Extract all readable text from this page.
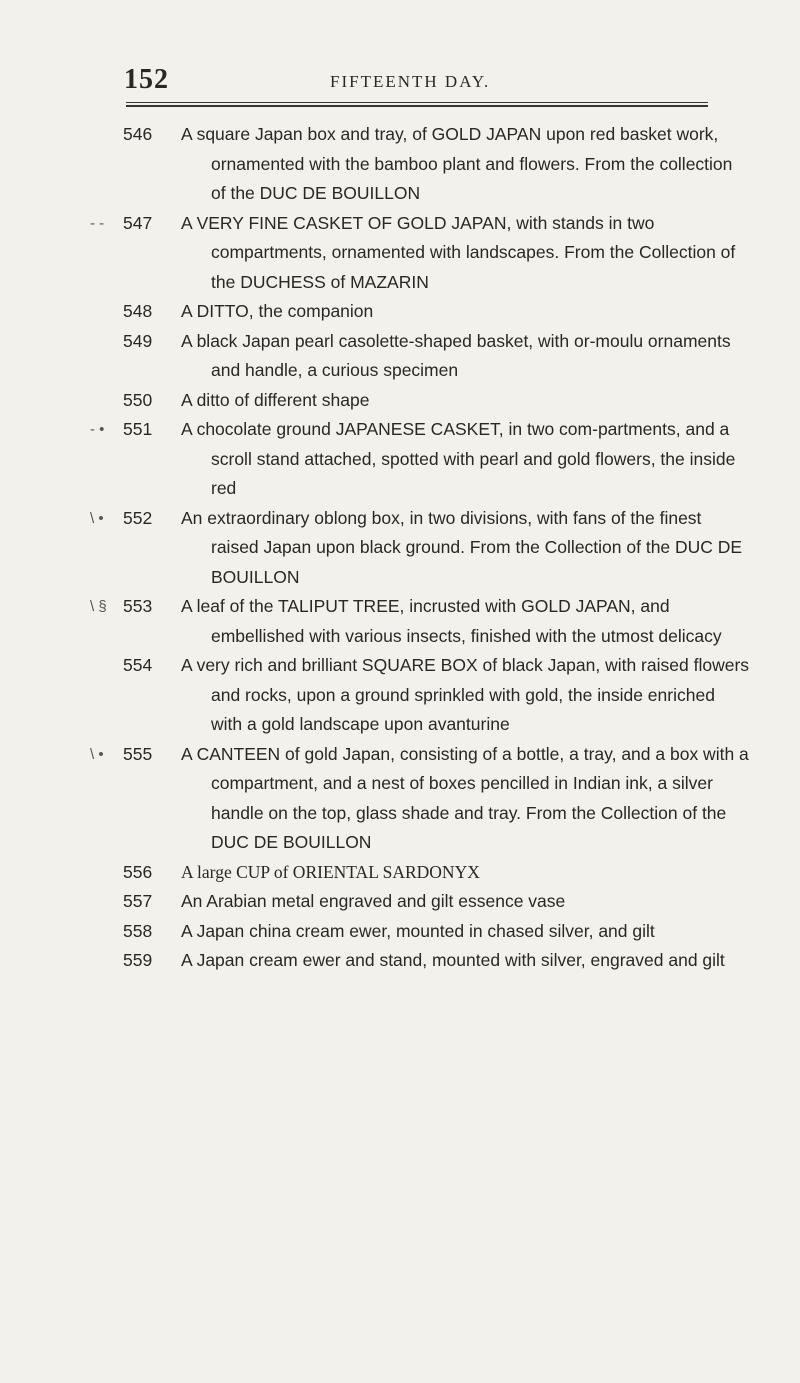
152	FIFTEENTH DAY.
546	A square Japan box and tray, of GOLD JAPAN upon red basket work, ornamented with the bamboo plant and flowers. From the collection of the DUC DE BOUILLON
- -	547	A VERY FINE CASKET OF GOLD JAPAN, with stands in two compartments, ornamented with landscapes. From the Collection of the DUCHESS of MAZARIN
548	A DITTO, the companion
549	A black Japan pearl casolette-shaped basket, with or-moulu ornaments and handle, a curious specimen
550	A ditto of different shape
- •	551	A chocolate ground JAPANESE CASKET, in two com-partments, and a scroll stand attached, spotted with pearl and gold flowers, the inside red
\ •	552	An extraordinary oblong box, in two divisions, with fans of the finest raised Japan upon black ground. From the Collection of the DUC DE BOUILLON
\ § 553	A leaf of the TALIPUT TREE, incrusted with GOLD JAPAN, and embellished with various insects, finished with the utmost delicacy
554	A very rich and brilliant SQUARE BOX of black Japan, with raised flowers and rocks, upon a ground sprinkled with gold, the inside enriched with a gold landscape upon avanturine
\ •	555	A CANTEEN of gold Japan, consisting of a bottle, a tray, and a box with a compartment, and a nest of boxes pencilled in Indian ink, a silver handle on the top, glass shade and tray. From the Collection of the DUC DE BOUILLON
556	A large CUP of ORIENTAL SARDONYX
557	An Arabian metal engraved and gilt essence vase
558	A Japan china cream ewer, mounted in chased silver, and gilt
559	A Japan cream ewer and stand, mounted with silver, engraved and gilt
